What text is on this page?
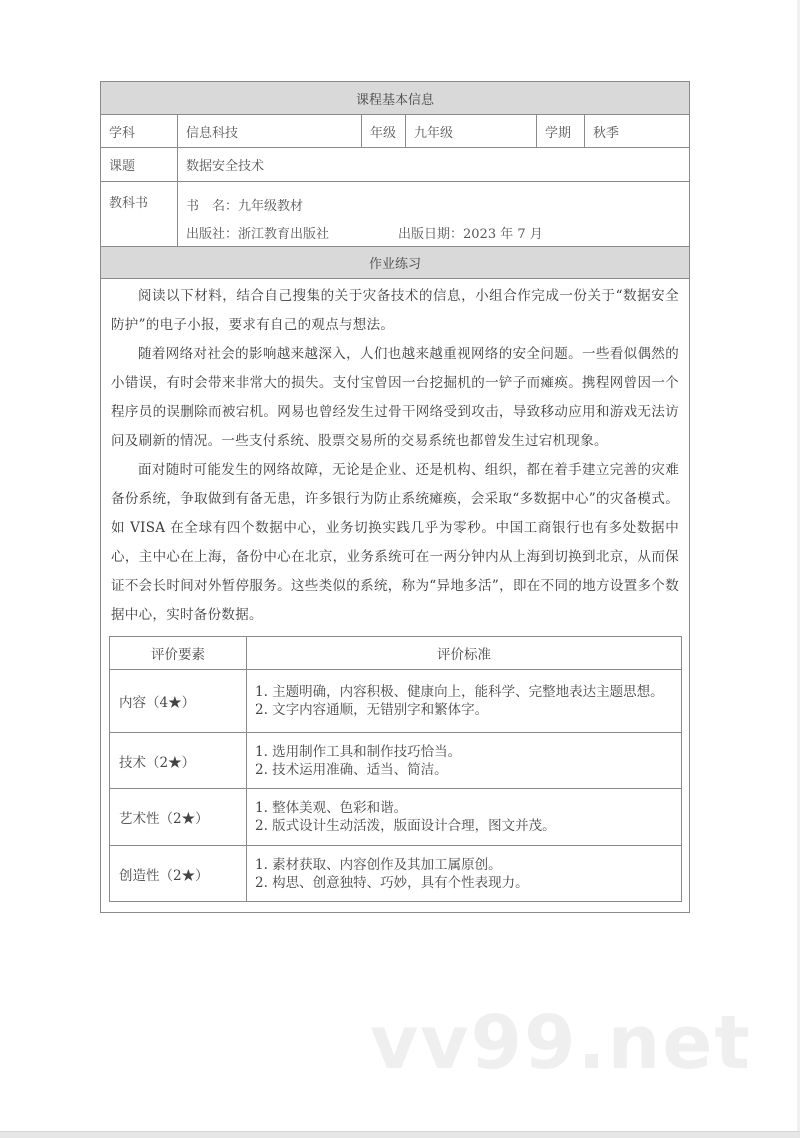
课程基本信息
学科	信息科技	年级	九年级	学期	秋季
课题	数据安全技术
教科书	书　名：九年级教材
出版社：浙江教育出版社	出版日期：2023 年 7 月
作业练习

阅读以下材料，结合自己搜集的关于灾备技术的信息，小组合作完成一份关于“数据安全防护”的电子小报，要求有自己的观点与想法。

随着网络对社会的影响越来越深入，人们也越来越重视网络的安全问题。一些看似偶然的小错误，有时会带来非常大的损失。支付宝曾因一台挖掘机的一铲子而瘫痪。携程网曾因一个程序员的误删除而被宕机。网易也曾经发生过骨干网络受到攻击，导致移动应用和游戏无法访问及刷新的情况。一些支付系统、股票交易所的交易系统也都曾发生过宕机现象。

面对随时可能发生的网络故障，无论是企业、还是机构、组织，都在着手建立完善的灾难备份系统，争取做到有备无患，许多银行为防止系统瘫痪，会采取“多数据中心”的灾备模式。如 VISA 在全球有四个数据中心，业务切换实践几乎为零秒。中国工商银行也有多处数据中心，主中心在上海，备份中心在北京，业务系统可在一两分钟内从上海到切换到北京，从而保证不会长时间对外暂停服务。这些类似的系统，称为“异地多活”，即在不同的地方设置多个数据中心，实时备份数据。

评价要素	评价标准
内容（4★）	1. 主题明确，内容积极、健康向上，能科学、完整地表达主题思想。
2. 文字内容通顺，无错别字和繁体字。

技术（2★）	1. 选用制作工具和制作技巧恰当。
2. 技术运用准确、适当、简洁。

艺术性（2★）	1. 整体美观、色彩和谐。
2. 版式设计生动活泼，版面设计合理，图文并茂。

创造性（2★）	1. 素材获取、内容创作及其加工属原创。
2. 构思、创意独特、巧妙，具有个性表现力。
vv99.net
